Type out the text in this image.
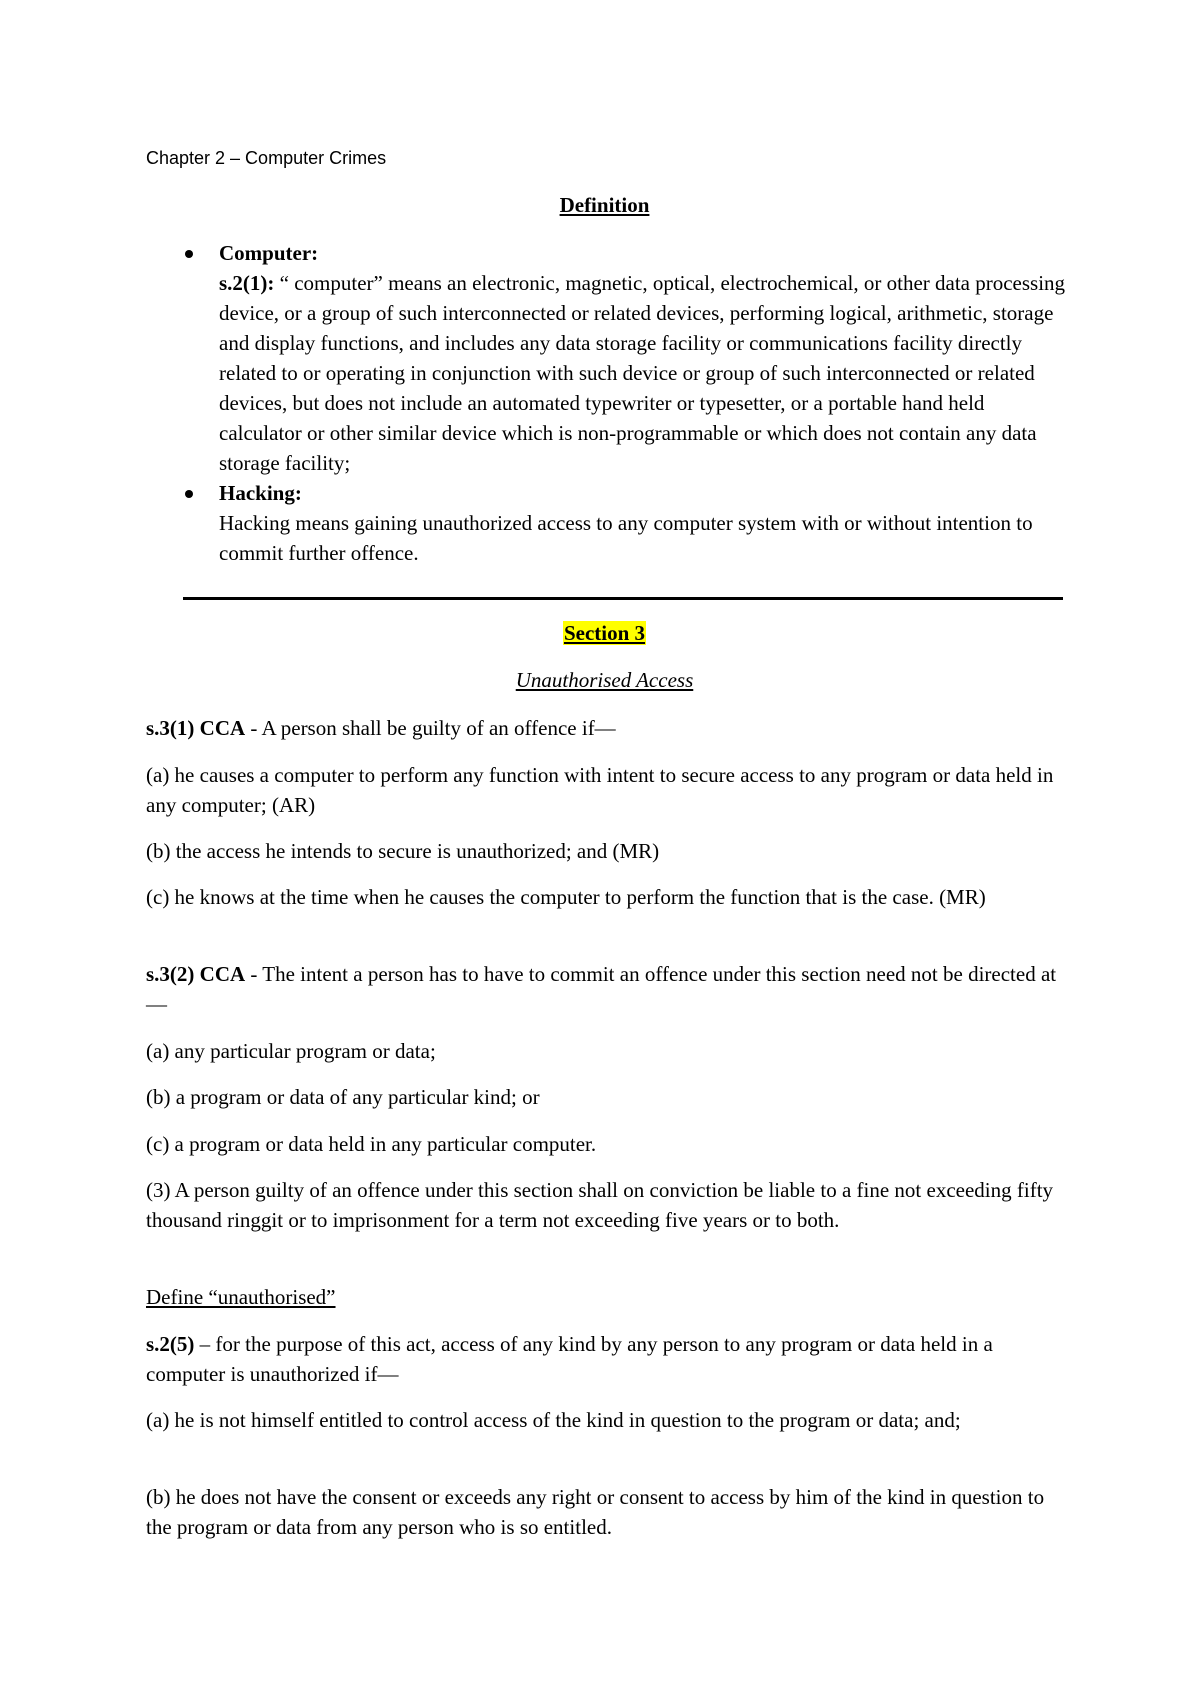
Chapter 2 – Computer Crimes
Definition
Computer:
s.2(1): “ computer” means an electronic, magnetic, optical, electrochemical, or other data processing device, or a group of such interconnected or related devices, performing logical, arithmetic, storage and display functions, and includes any data storage facility or communications facility directly related to or operating in conjunction with such device or group of such interconnected or related devices, but does not include an automated typewriter or typesetter, or a portable hand held calculator or other similar device which is non-programmable or which does not contain any data storage facility;
Hacking:
Hacking means gaining unauthorized access to any computer system with or without intention to commit further offence.
Section 3
Unauthorised Access
s.3(1) CCA - A person shall be guilty of an offence if—
(a) he causes a computer to perform any function with intent to secure access to any program or data held in any computer; (AR)
(b) the access he intends to secure is unauthorized; and (MR)
(c) he knows at the time when he causes the computer to perform the function that is the case. (MR)
s.3(2) CCA - The intent a person has to have to commit an offence under this section need not be directed at—
(a) any particular program or data;
(b) a program or data of any particular kind; or
(c) a program or data held in any particular computer.
(3) A person guilty of an offence under this section shall on conviction be liable to a fine not exceeding fifty thousand ringgit or to imprisonment for a term not exceeding five years or to both.
Define “unauthorised”
s.2(5) – for the purpose of this act, access of any kind by any person to any program or data held in a computer is unauthorized if—
(a) he is not himself entitled to control access of the kind in question to the program or data; and;
(b) he does not have the consent or exceeds any right or consent to access by him of the kind in question to the program or data from any person who is so entitled.
